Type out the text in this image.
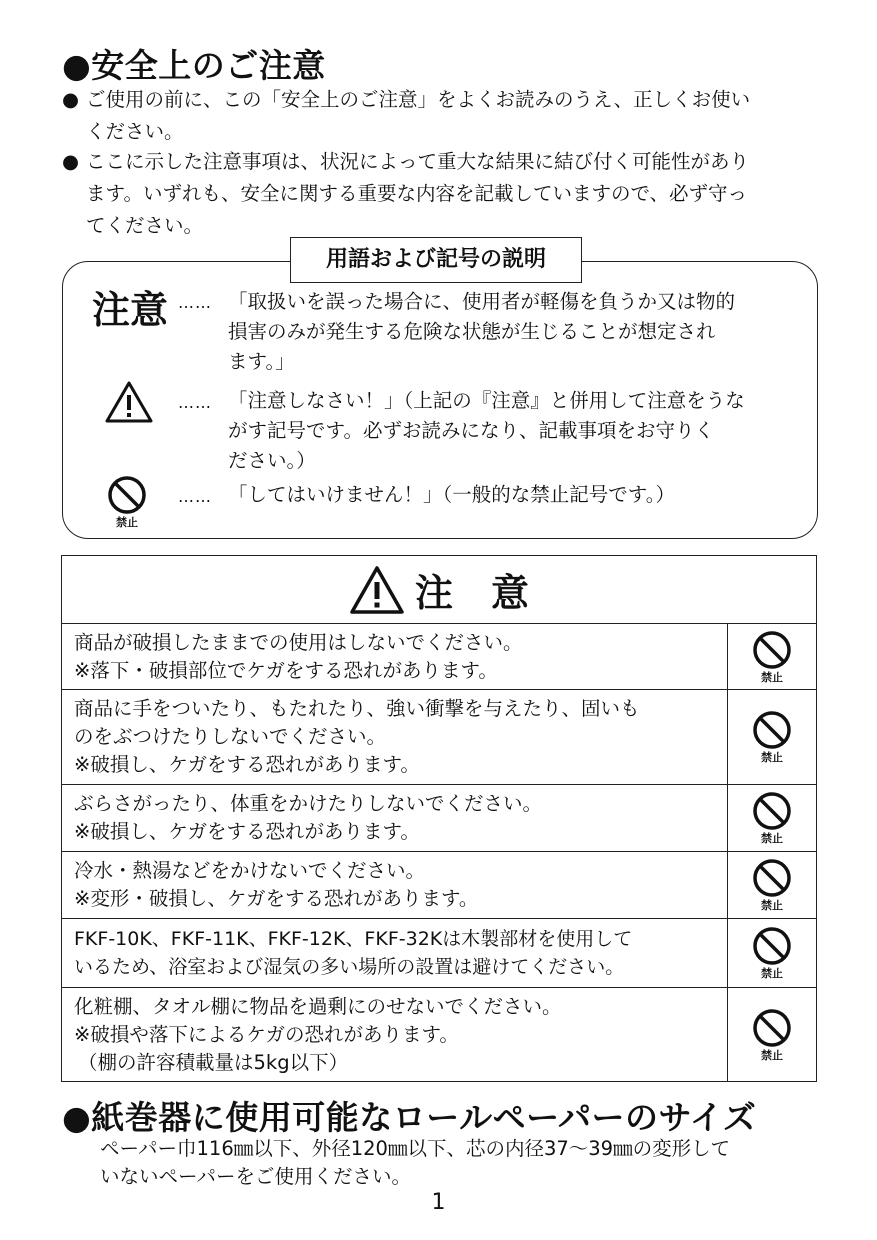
●安全上のご注意
● ご使用の前に、この「安全上のご注意」をよくお読みのうえ、正しくお使い
ください。
● ここに示した注意事項は、状況によって重大な結果に結び付く可能性があり
ます。いずれも、安全に関する重要な内容を記載していますので、必ず守っ
てください。
用語および記号の説明
注意 …… 「取扱いを誤った場合に、使用者が軽傷を負うか又は物的
損害のみが発生する危険な状態が生じることが想定され
ます。」
…… 「注意しなさい！」（上記の『注意』と併用して注意をうな
がす記号です。必ずお読みになり、記載事項をお守りく
ださい。）
禁止
…… 「してはいけません！」（一般的な禁止記号です。）
注　意	

商品が破損したままでの使用はしないでください。
※落下・破損部位でケガをする恐れがあります。	禁止

商品に手をついたり、もたれたり、強い衝撃を与えたり、固いも
のをぶつけたりしないでください。
※破損し、ケガをする恐れがあります。	禁止

ぶらさがったり、体重をかけたりしないでください。
※破損し、ケガをする恐れがあります。	禁止

冷水・熱湯などをかけないでください。
※変形・破損し、ケガをする恐れがあります。	禁止

FKF-10K、FKF-11K、FKF-12K、FKF-32Kは木製部材を使用して
いるため、浴室および湿気の多い場所の設置は避けてください。	禁止

化粧棚、タオル棚に物品を過剰にのせないでください。
※破損や落下によるケガの恐れがあります。
（棚の許容積載量は5kg以下）	禁止
●紙巻器に使用可能なロールペーパーのサイズ
ペーパー巾116㎜以下、外径120㎜以下、芯の内径37～39㎜の変形して
いないペーパーをご使用ください。
1
